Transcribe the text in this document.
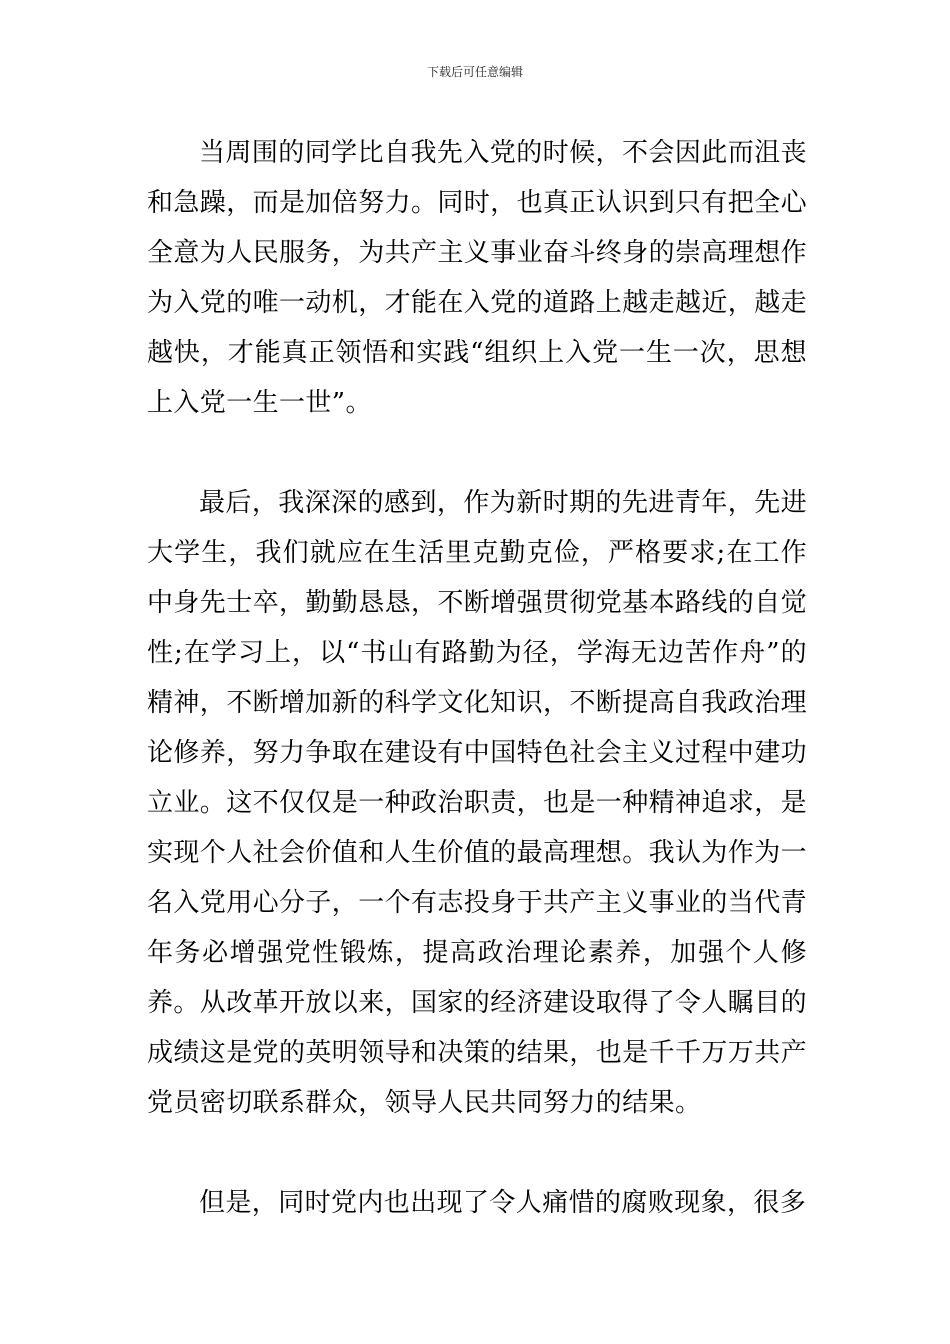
下载后可任意编辑

当周围的同学比自我先入党的时候，不会因此而沮丧和急躁，而是加倍努力。同时，也真正认识到只有把全心全意为人民服务，为共产主义事业奋斗终身的崇高理想作为入党的唯一动机，才能在入党的道路上越走越近，越走越快，才能真正领悟和实践“组织上入党一生一次，思想上入党一生一世”。

最后，我深深的感到，作为新时期的先进青年，先进大学生，我们就应在生活里克勤克俭，严格要求;在工作中身先士卒，勤勤恳恳，不断增强贯彻党基本路线的自觉性;在学习上，以“书山有路勤为径，学海无边苦作舟”的精神，不断增加新的科学文化知识，不断提高自我政治理论修养，努力争取在建设有中国特色社会主义过程中建功立业。这不仅仅是一种政治职责，也是一种精神追求，是实现个人社会价值和人生价值的最高理想。我认为作为一名入党用心分子，一个有志投身于共产主义事业的当代青年务必增强党性锻炼，提高政治理论素养，加强个人修养。从改革开放以来，国家的经济建设取得了令人瞩目的成绩这是党的英明领导和决策的结果，也是千千万万共产党员密切联系群众，领导人民共同努力的结果。

但是，同时党内也出现了令人痛惜的腐败现象，很多
